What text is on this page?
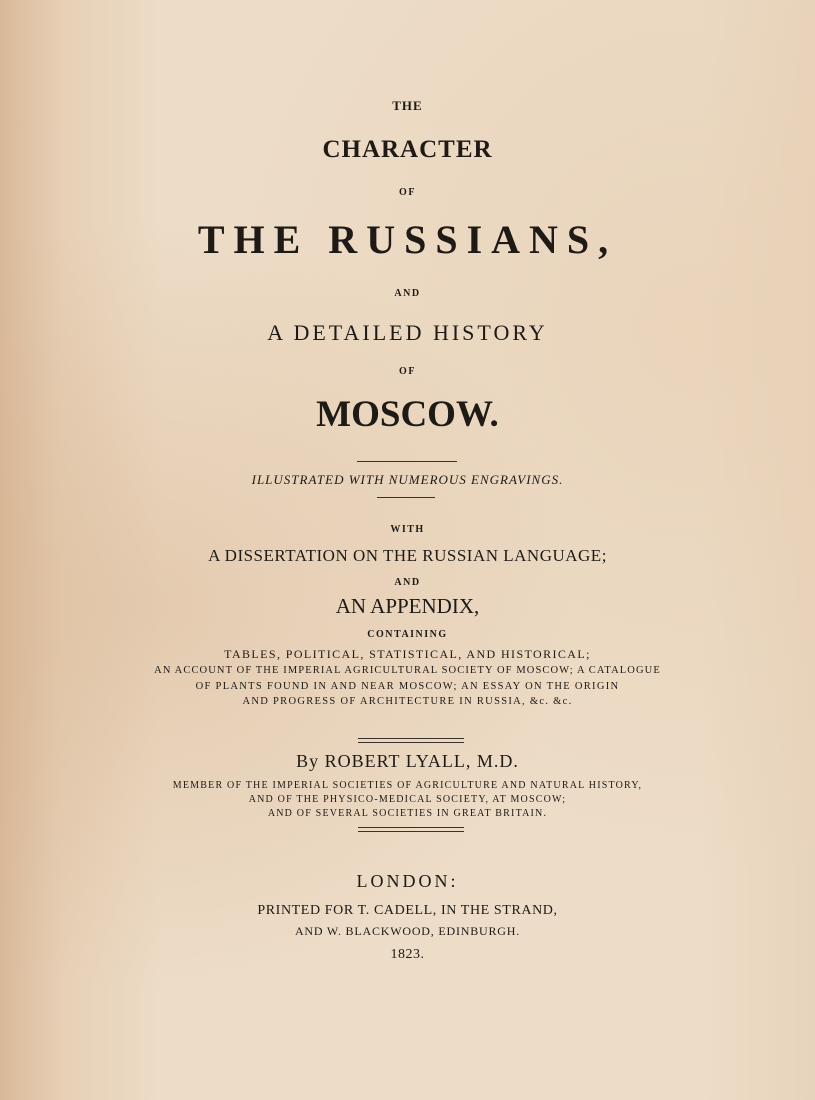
THE

CHARACTER

OF

THE RUSSIANS,

AND

A DETAILED HISTORY

OF

MOSCOW.

ILLUSTRATED WITH NUMEROUS ENGRAVINGS.

WITH

A DISSERTATION ON THE RUSSIAN LANGUAGE;

AND

AN APPENDIX,

CONTAINING

TABLES, POLITICAL, STATISTICAL, AND HISTORICAL;

AN ACCOUNT OF THE IMPERIAL AGRICULTURAL SOCIETY OF MOSCOW; A CATALOGUE

OF PLANTS FOUND IN AND NEAR MOSCOW; AN ESSAY ON THE ORIGIN

AND PROGRESS OF ARCHITECTURE IN RUSSIA, &c. &c.

By ROBERT LYALL, M.D.

MEMBER OF THE IMPERIAL SOCIETIES OF AGRICULTURE AND NATURAL HISTORY,

AND OF THE PHYSICO-MEDICAL SOCIETY, AT MOSCOW;

AND OF SEVERAL SOCIETIES IN GREAT BRITAIN.

LONDON:

PRINTED FOR T. CADELL, IN THE STRAND,

AND W. BLACKWOOD, EDINBURGH.

1823.
